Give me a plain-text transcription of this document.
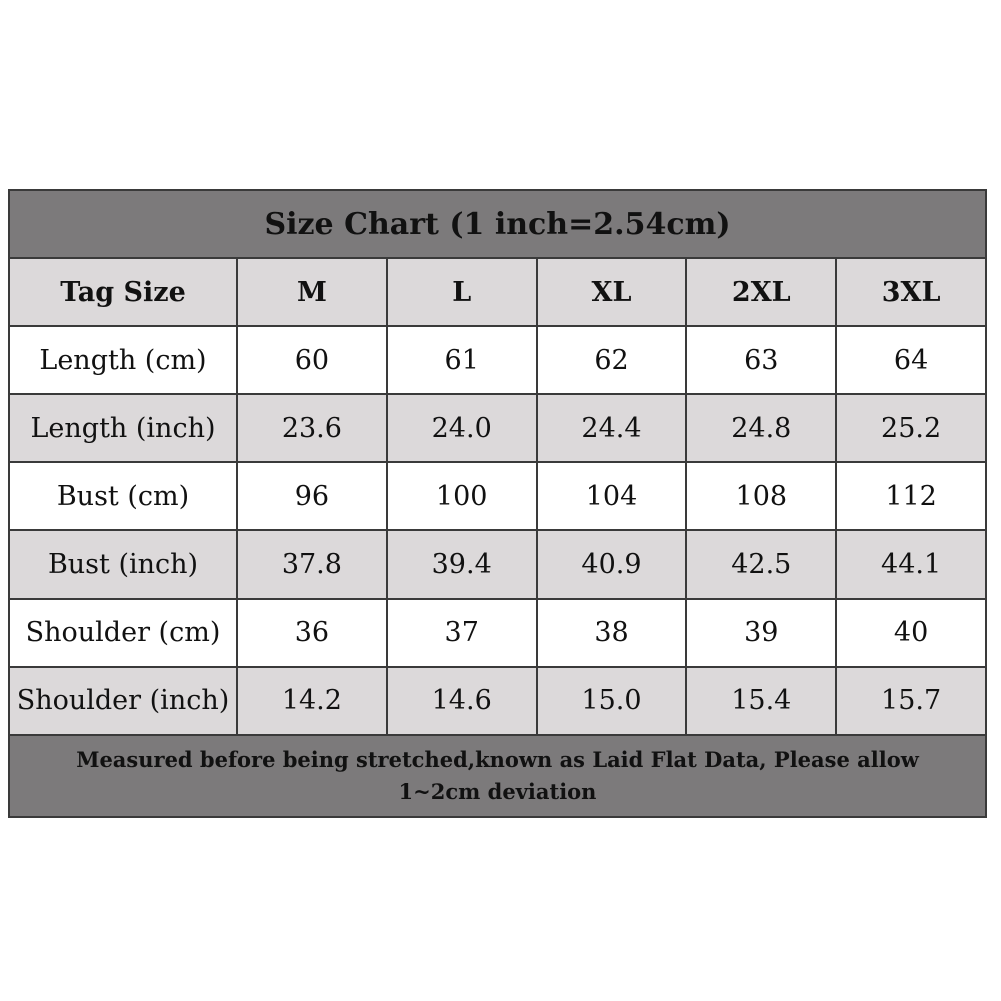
Size Chart (1 inch=2.54cm)					
Tag Size	M	L	XL	2XL	3XL
Length (cm)	60	61	62	63	64
Length (inch)	23.6	24.0	24.4	24.8	25.2
Bust (cm)	96	100	104	108	112
Bust (inch)	37.8	39.4	40.9	42.5	44.1
Shoulder (cm)	36	37	38	39	40
Shoulder (inch)	14.2	14.6	15.0	15.4	15.7
Measured before being stretched,known as Laid Flat Data, Please allow 1~2cm deviation					
